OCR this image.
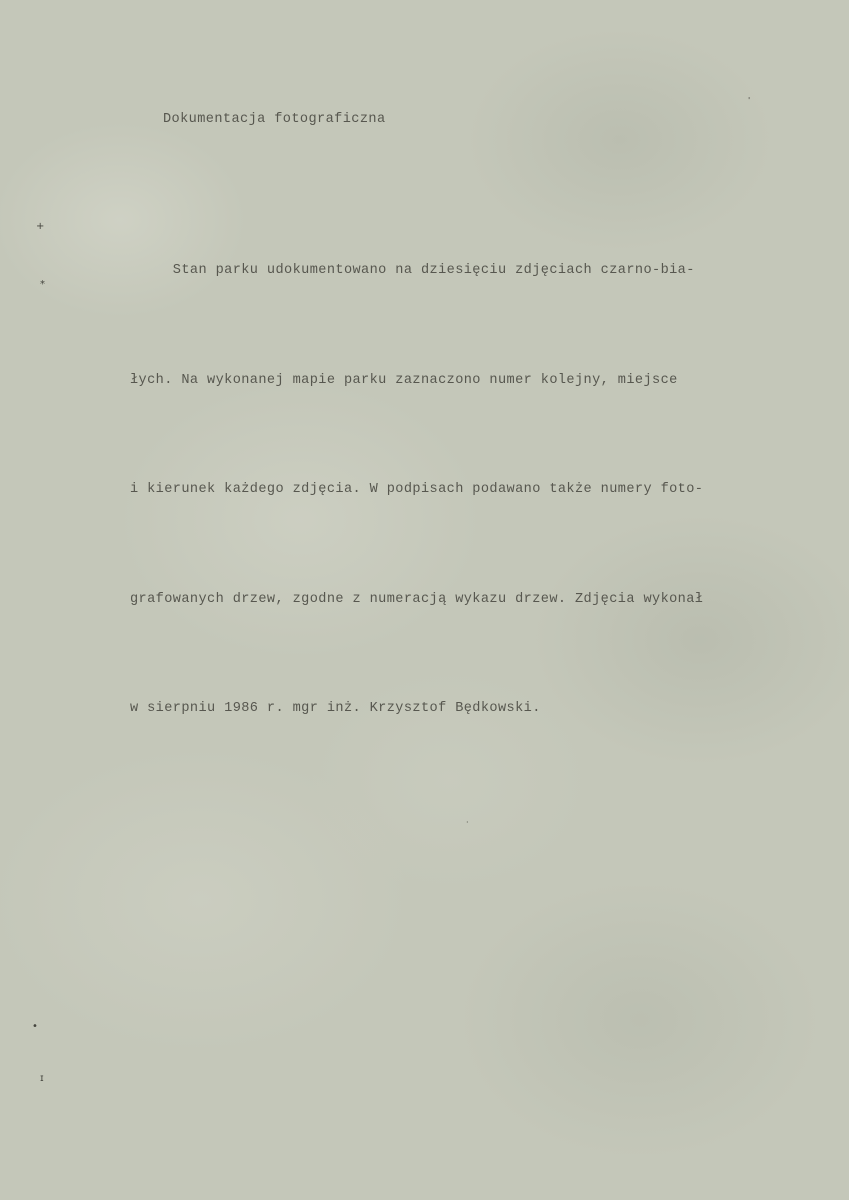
Dokumentacja fotograficzna

Stan parku udokumentowano na dziesięciu zdjęciach czarno-bia-

łych. Na wykonanej mapie parku zaznaczono numer kolejny, miejsce

i kierunek każdego zdjęcia. W podpisach podawano także numery foto-

grafowanych drzew, zgodne z numeracją wykazu drzew. Zdjęcia wykonał

w sierpniu 1986 r. mgr inż. Krzysztof Będkowski.

+
*
•
ɪ
·
'
